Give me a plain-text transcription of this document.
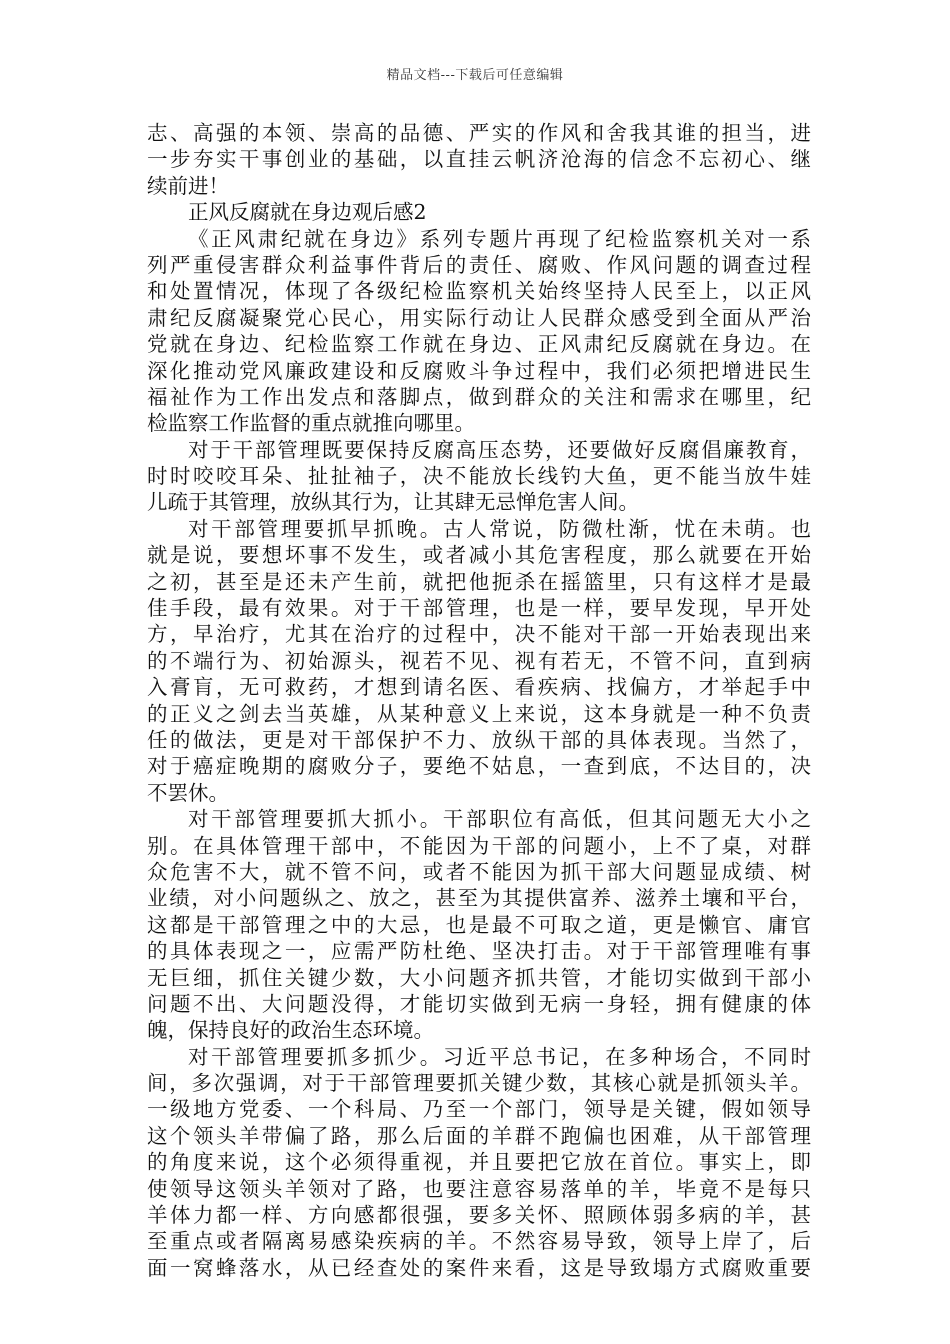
精品文档---下载后可任意编辑
志、高强的本领、崇高的品德、严实的作风和舍我其谁的担当，进
一步夯实干事创业的基础，以直挂云帆济沧海的信念不忘初心、继
续前进！
正风反腐就在身边观后感2
《正风肃纪就在身边》系列专题片再现了纪检监察机关对一系
列严重侵害群众利益事件背后的责任、腐败、作风问题的调查过程
和处置情况，体现了各级纪检监察机关始终坚持人民至上，以正风
肃纪反腐凝聚党心民心，用实际行动让人民群众感受到全面从严治
党就在身边、纪检监察工作就在身边、正风肃纪反腐就在身边。在
深化推动党风廉政建设和反腐败斗争过程中，我们必须把增进民生
福祉作为工作出发点和落脚点，做到群众的关注和需求在哪里，纪
检监察工作监督的重点就推向哪里。
对于干部管理既要保持反腐高压态势，还要做好反腐倡廉教育，
时时咬咬耳朵、扯扯袖子，决不能放长线钓大鱼，更不能当放牛娃
儿疏于其管理，放纵其行为，让其肆无忌惮危害人间。
对干部管理要抓早抓晚。古人常说，防微杜渐，忧在未萌。也
就是说，要想坏事不发生，或者减小其危害程度，那么就要在开始
之初，甚至是还未产生前，就把他扼杀在摇篮里，只有这样才是最
佳手段，最有效果。对于干部管理，也是一样，要早发现，早开处
方，早治疗，尤其在治疗的过程中，决不能对干部一开始表现出来
的不端行为、初始源头，视若不见、视有若无，不管不问，直到病
入膏肓，无可救药，才想到请名医、看疾病、找偏方，才举起手中
的正义之剑去当英雄，从某种意义上来说，这本身就是一种不负责
任的做法，更是对干部保护不力、放纵干部的具体表现。当然了，
对于癌症晚期的腐败分子，要绝不姑息，一查到底，不达目的，决
不罢休。
对干部管理要抓大抓小。干部职位有高低，但其问题无大小之
别。在具体管理干部中，不能因为干部的问题小，上不了桌，对群
众危害不大，就不管不问，或者不能因为抓干部大问题显成绩、树
业绩，对小问题纵之、放之，甚至为其提供富养、滋养土壤和平台，
这都是干部管理之中的大忌，也是最不可取之道，更是懒官、庸官
的具体表现之一，应需严防杜绝、坚决打击。对于干部管理唯有事
无巨细，抓住关键少数，大小问题齐抓共管，才能切实做到干部小
问题不出、大问题没得，才能切实做到无病一身轻，拥有健康的体
魄，保持良好的政治生态环境。
对干部管理要抓多抓少。习近平总书记，在多种场合，不同时
间，多次强调，对于干部管理要抓关键少数，其核心就是抓领头羊。
一级地方党委、一个科局、乃至一个部门，领导是关键，假如领导
这个领头羊带偏了路，那么后面的羊群不跑偏也困难，从干部管理
的角度来说，这个必须得重视，并且要把它放在首位。事实上，即
使领导这领头羊领对了路，也要注意容易落单的羊，毕竟不是每只
羊体力都一样、方向感都很强，要多关怀、照顾体弱多病的羊，甚
至重点或者隔离易感染疾病的羊。不然容易导致，领导上岸了，后
面一窝蜂落水，从已经查处的案件来看，这是导致塌方式腐败重要
